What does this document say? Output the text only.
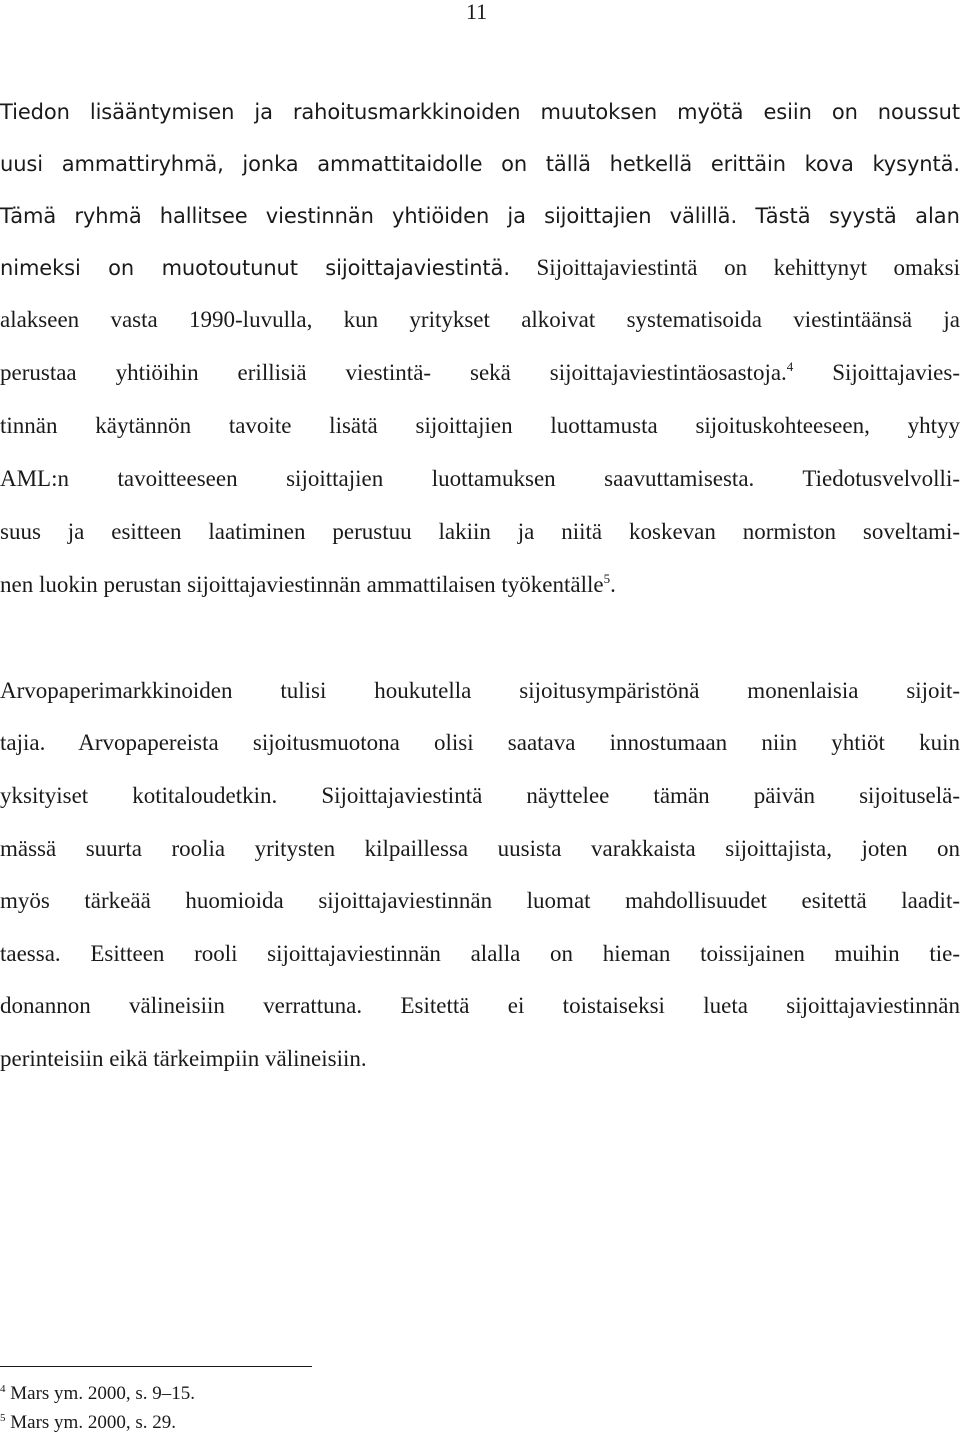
11
Tiedon lisääntymisen ja rahoitusmarkkinoiden muutoksen myötä esiin on noussut
uusi ammattiryhmä, jonka ammattitaidolle on tällä hetkellä erittäin kova kysyntä.
Tämä ryhmä hallitsee viestinnän yhtiöiden ja sijoittajien välillä. Tästä syystä alan
nimeksi on muotoutunut sijoittajaviestintä. Sijoittajaviestintä on kehittynyt omaksi
alakseen vasta 1990-luvulla, kun yritykset alkoivat systematisoida viestintäänsä ja
perustaa yhtiöihin erillisiä viestintä- sekä sijoittajaviestintäosastoja.$^4$ Sijoittajavies-
tinnän käytännön tavoite lisätä sijoittajien luottamusta sijoituskohteeseen, yhtyy
AML:n tavoitteeseen sijoittajien luottamuksen saavuttamisesta. Tiedotusvelvolli-
suus ja esitteen laatiminen perustuu lakiin ja niitä koskevan normiston soveltami-
nen luokin perustan sijoittajaviestinnän ammattilaisen työkentälle$^5$.
Arvopaperimarkkinoiden tulisi houkutella sijoitusympäristönä monenlaisia sijoit-
tajia. Arvopapereista sijoitusmuotona olisi saatava innostumaan niin yhtiöt kuin
yksityiset kotitaloudetkin. Sijoittajaviestintä näyttelee tämän päivän sijoituselä-
mässä suurta roolia yritysten kilpaillessa uusista varakkaista sijoittajista, joten on
myös tärkeää huomioida sijoittajaviestinnän luomat mahdollisuudet esitettä laadit-
taessa. Esitteen rooli sijoittajaviestinnän alalla on hieman toissijainen muihin tie-
donannon välineisiin verrattuna. Esitettä ei toistaiseksi lueta sijoittajaviestinnän
perinteisiin eikä tärkeimpiin välineisiin.
$^4$ Mars ym. 2000, s. 9–15.
$^5$ Mars ym. 2000, s. 29.
